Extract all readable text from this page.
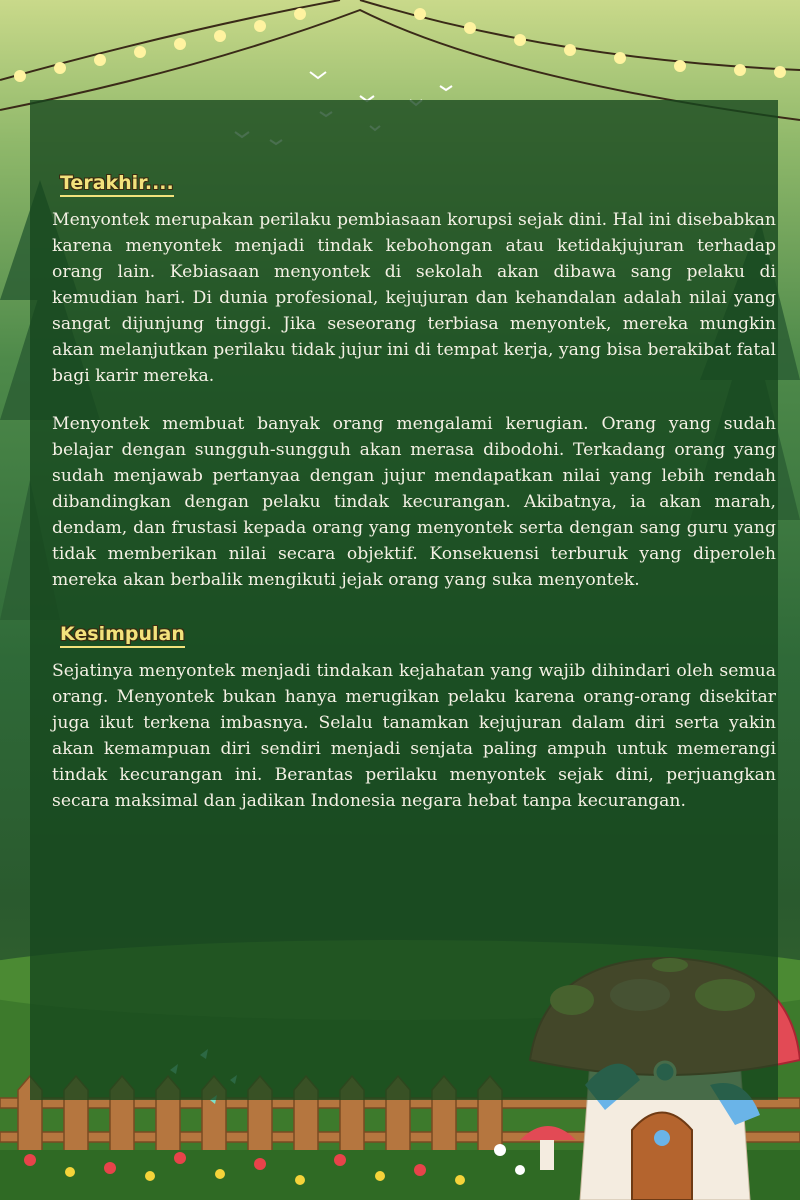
Terakhir....

Menyontek merupakan perilaku pembiasaan korupsi sejak dini. Hal ini disebabkan karena menyontek menjadi tindak kebohongan atau ketidakjujuran terhadap orang lain. Kebiasaan menyontek di sekolah akan dibawa sang pelaku di kemudian hari. Di dunia profesional, kejujuran dan kehandalan adalah nilai yang sangat dijunjung tinggi. Jika seseorang terbiasa menyontek, mereka mungkin akan melanjutkan perilaku tidak jujur ini di tempat kerja, yang bisa berakibat fatal bagi karir mereka.

Menyontek membuat banyak orang mengalami kerugian. Orang yang sudah belajar dengan sungguh-sungguh akan merasa dibodohi. Terkadang orang yang sudah menjawab pertanyaa dengan jujur mendapatkan nilai yang lebih rendah dibandingkan dengan pelaku tindak kecurangan. Akibatnya, ia akan marah, dendam, dan frustasi kepada orang yang menyontek serta dengan sang guru yang tidak memberikan nilai secara objektif. Konsekuensi terburuk yang diperoleh mereka akan berbalik mengikuti jejak orang yang suka menyontek.

Kesimpulan

Sejatinya menyontek menjadi tindakan kejahatan yang wajib dihindari oleh semua orang. Menyontek bukan hanya merugikan pelaku karena orang-orang disekitar juga ikut terkena imbasnya. Selalu tanamkan kejujuran dalam diri serta yakin akan kemampuan diri sendiri menjadi senjata paling ampuh untuk memerangi tindak kecurangan ini. Berantas perilaku menyontek sejak dini, perjuangkan secara maksimal dan jadikan Indonesia negara hebat tanpa kecurangan.
